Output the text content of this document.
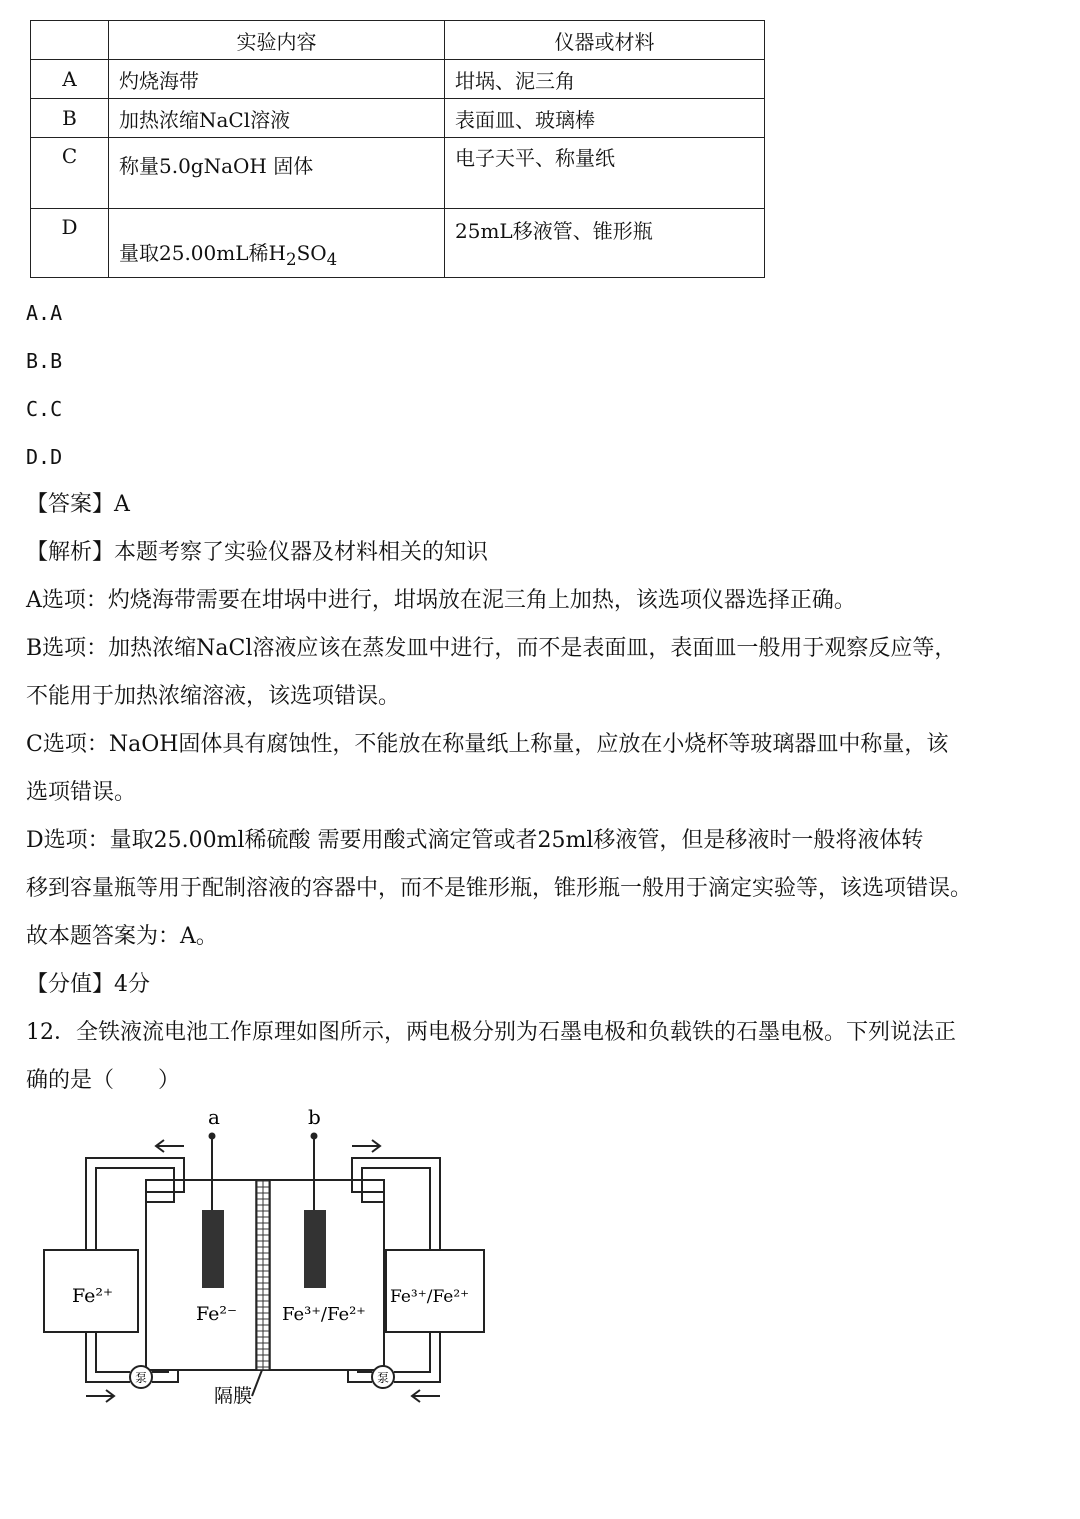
	实验内容	仪器或材料
A	灼烧海带	坩埚、泥三角
B	加热浓缩NaCl溶液	表面皿、玻璃棒
C	称量5.0gNaOH 固体	电子天平、称量纸
D	量取25.00mL稀$H_2SO_4$	25mL移液管、锥形瓶
A.A
B.B
C.C
D.D
【答案】A
【解析】本题考察了实验仪器及材料相关的知识
A选项：灼烧海带需要在坩埚中进行，坩埚放在泥三角上加热，该选项仪器选择正确。
B选项：加热浓缩NaCl溶液应该在蒸发皿中进行，而不是表面皿，表面皿一般用于观察反应等，
不能用于加热浓缩溶液，该选项错误。
C选项：NaOH固体具有腐蚀性，不能放在称量纸上称量，应放在小烧杯等玻璃器皿中称量，该
选项错误。
D选项：量取25.00ml稀硫酸 需要用酸式滴定管或者25ml移液管，但是移液时一般将液体转
移到容量瓶等用于配制溶液的容器中，而不是锥形瓶，锥形瓶一般用于滴定实验等，该选项错误。
故本题答案为：A。
【分值】4分
12．全铁液流电池工作原理如图所示，两电极分别为石墨电极和负载铁的石墨电极。下列说法正
确的是（　　）
a	b
Fe²⁺
Fe²⁻ Fe³⁺/Fe²⁺
Fe³⁺/Fe²⁺
泵	泵
隔膜
